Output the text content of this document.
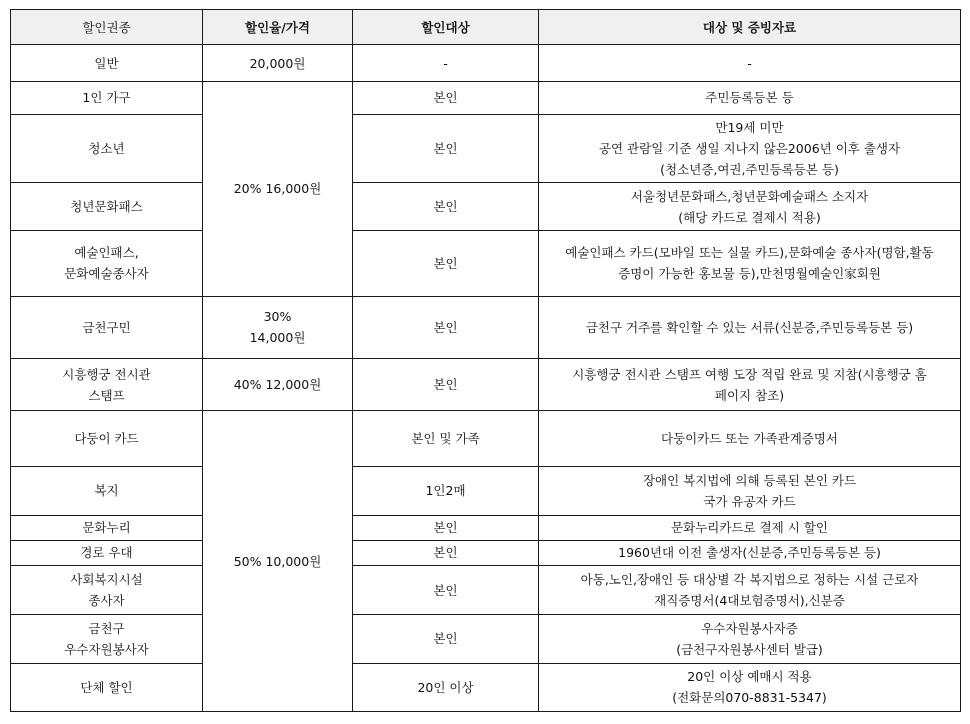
할인권종	할인율/가격	할인대상	대상 및 증빙자료

일반	20,000원	-	-

1인 가구	20% 16,000원	본인	주민등록등본 등

청소년		본인	만19세 미만
공연 관람일 기준 생일 지나지 않은2006년 이후 출생자
(청소년증,여권,주민등록등본 등)

청년문화패스		본인	서울청년문화패스,청년문화예술패스 소지자
(해당 카드로 결제시 적용)

예술인패스,
문화예술종사자		본인	예술인패스 카드(모바일 또는 실물 카드),문화예술 종사자(명함,활동
증명이 가능한 홍보물 등),만천명월예술인家회원

금천구민	30%
14,000원	본인	금천구 거주를 확인할 수 있는 서류(신분증,주민등록등본 등)

시흥행궁 전시관
스탬프	40% 12,000원	본인	시흥행궁 전시관 스탬프 여행 도장 적립 완료 및 지참(시흥행궁 홈
페이지 참조)

다둥이 카드	50% 10,000원	본인 및 가족	다둥이카드 또는 가족관계증명서

복지		1인2매	장애인 복지법에 의해 등록된 본인 카드
국가 유공자 카드

문화누리		본인	문화누리카드로 결제 시 할인

경로 우대		본인	1960년대 이전 출생자(신분증,주민등록등본 등)

사회복지시설
종사자		본인	아동,노인,장애인 등 대상별 각 복지법으로 정하는 시설 근로자
재직증명서(4대보험증명서),신분증

금천구
우수자원봉사자		본인	우수자원봉사자증
(금천구자원봉사센터 발급)

단체 할인		20인 이상	20인 이상 예매시 적용
(전화문의070-8831-5347)
